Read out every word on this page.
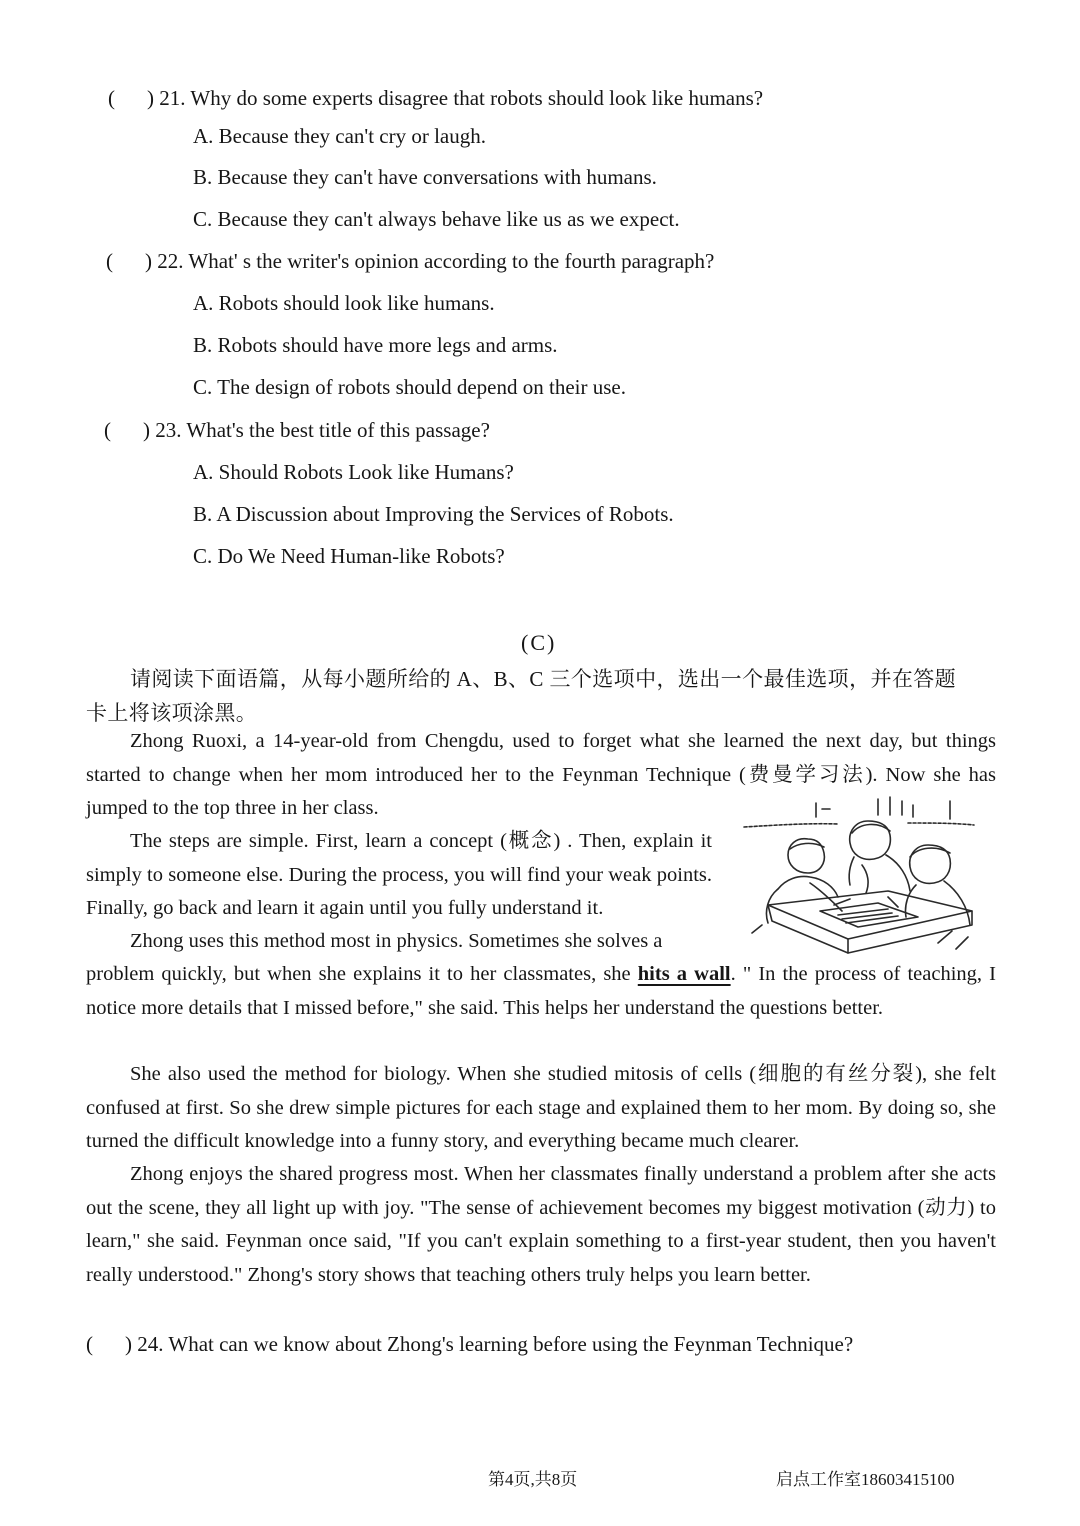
( ) 21. Why do some experts disagree that robots should look like humans?
A. Because they can't cry or laugh.
B. Because they can't have conversations with humans.
C. Because they can't always behave like us as we expect.
( ) 22. What' s the writer's opinion according to the fourth paragraph?
A. Robots should look like humans.
B. Robots should have more legs and arms.
C. The design of robots should depend on their use.
( ) 23. What's the best title of this passage?
A. Should Robots Look like Humans?
B. A Discussion about Improving the Services of Robots.
C. Do We Need Human-like Robots?
(C)
请阅读下面语篇，从每小题所给的 A、B、C 三个选项中，选出一个最佳选项，并在答题
卡上将该项涂黑。

Zhong Ruoxi, a 14-year-old from Chengdu, used to forget what she learned the next day, but things started to change when her mom introduced her to the Feynman Technique (费曼学习法). Now she has jumped to the top three in her class.

The steps are simple. First, learn a concept (概念) . Then, explain it simply to someone else. During the process, you will find your weak points. Finally, go back and learn it again until you fully understand it.

Zhong uses this method most in physics. Sometimes she solves a

problem quickly, but when she explains it to her classmates, she hits a wall. " In the process of teaching, I notice more details that I missed before," she said. This helps her understand the questions better.

She also used the method for biology. When she studied mitosis of cells (细胞的有丝分裂), she felt confused at first. So she drew simple pictures for each stage and explained them to her mom. By doing so, she turned the difficult knowledge into a funny story, and everything became much clearer.

Zhong enjoys the shared progress most. When her classmates finally understand a problem after she acts out the scene, they all light up with joy. "The sense of achievement becomes my biggest motivation (动力) to learn," she said. Feynman once said, "If you can't explain something to a first-year student, then you haven't really understood." Zhong's story shows that teaching others truly helps you learn better.

( ) 24. What can we know about Zhong's learning before using the Feynman Technique?
第4页,共8页	启点工作室18603415100
